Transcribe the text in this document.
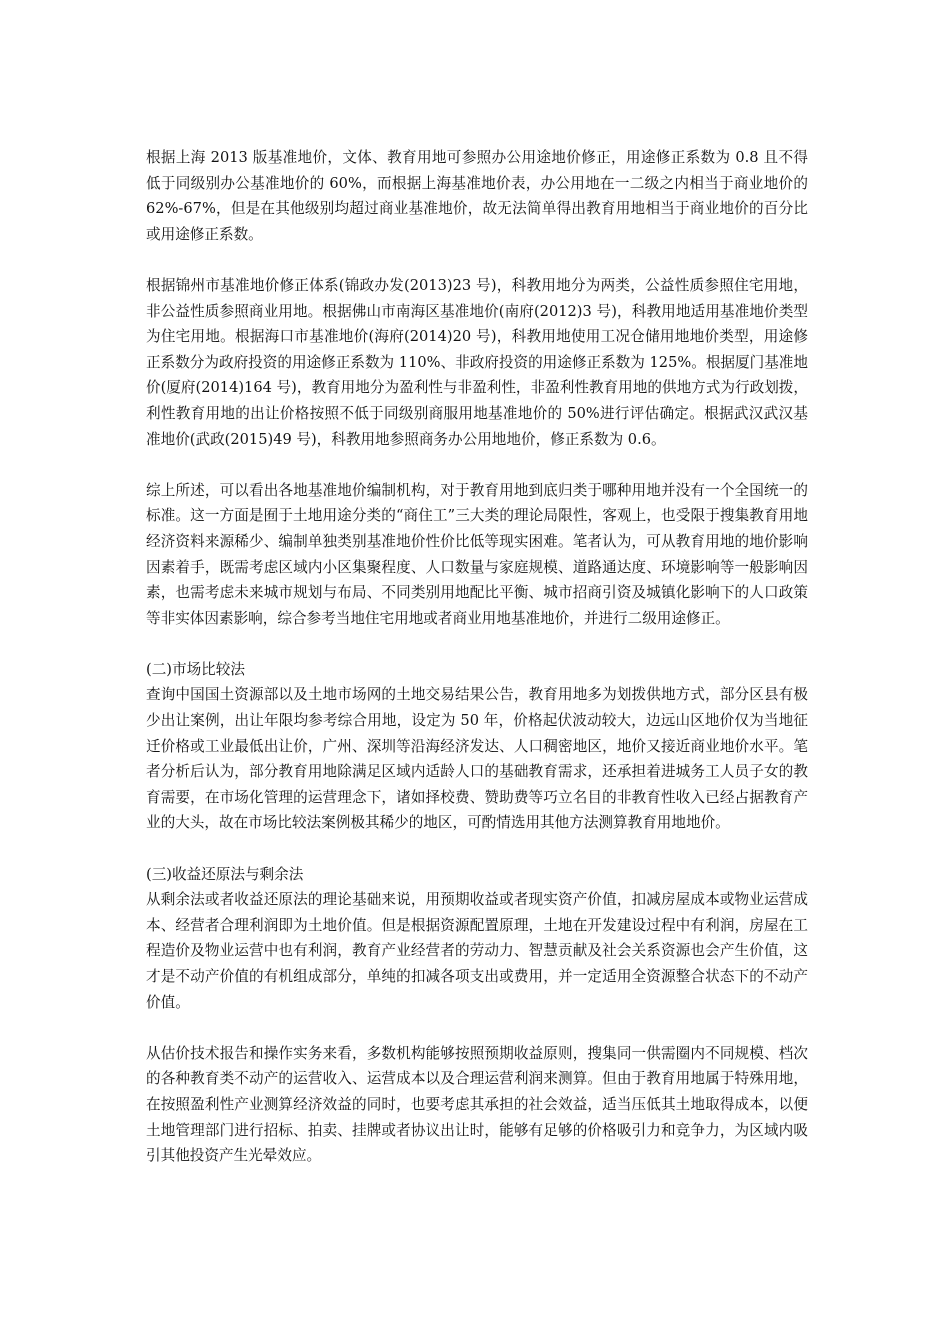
根据上海 2013 版基准地价，文体、教育用地可参照办公用途地价修正，用途修正系数为 0.8 且不得低于同级别办公基准地价的 60%，而根据上海基准地价表，办公用地在一二级之内相当于商业地价的 62%-67%，但是在其他级别均超过商业基准地价，故无法简单得出教育用地相当于商业地价的百分比或用途修正系数。

根据锦州市基准地价修正体系(锦政办发(2013)23 号)，科教用地分为两类，公益性质参照住宅用地，非公益性质参照商业用地。根据佛山市南海区基准地价(南府(2012)3 号)，科教用地适用基准地价类型为住宅用地。根据海口市基准地价(海府(2014)20 号)，科教用地使用工况仓储用地地价类型，用途修正系数分为政府投资的用途修正系数为 110%、非政府投资的用途修正系数为 125%。根据厦门基准地价(厦府(2014)164 号)，教育用地分为盈利性与非盈利性，非盈利性教育用地的供地方式为行政划拨，利性教育用地的出让价格按照不低于同级别商服用地基准地价的 50%进行评估确定。根据武汉武汉基准地价(武政(2015)49 号)，科教用地参照商务办公用地地价，修正系数为 0.6。

综上所述，可以看出各地基准地价编制机构，对于教育用地到底归类于哪种用地并没有一个全国统一的标准。这一方面是囿于土地用途分类的“商住工”三大类的理论局限性，客观上，也受限于搜集教育用地经济资料来源稀少、编制单独类别基准地价性价比低等现实困难。笔者认为，可从教育用地的地价影响因素着手，既需考虑区域内小区集聚程度、人口数量与家庭规模、道路通达度、环境影响等一般影响因素，也需考虑未来城市规划与布局、不同类别用地配比平衡、城市招商引资及城镇化影响下的人口政策等非实体因素影响，综合参考当地住宅用地或者商业用地基准地价，并进行二级用途修正。

(二)市场比较法

查询中国国土资源部以及土地市场网的土地交易结果公告，教育用地多为划拨供地方式，部分区县有极少出让案例，出让年限均参考综合用地，设定为 50 年，价格起伏波动较大，边远山区地价仅为当地征迁价格或工业最低出让价，广州、深圳等沿海经济发达、人口稠密地区，地价又接近商业地价水平。笔者分析后认为，部分教育用地除满足区域内适龄人口的基础教育需求，还承担着进城务工人员子女的教育需要，在市场化管理的运营理念下，诸如择校费、赞助费等巧立名目的非教育性收入已经占据教育产业的大头，故在市场比较法案例极其稀少的地区，可酌情选用其他方法测算教育用地地价。

(三)收益还原法与剩余法

从剩余法或者收益还原法的理论基础来说，用预期收益或者现实资产价值，扣减房屋成本或物业运营成本、经营者合理利润即为土地价值。但是根据资源配置原理，土地在开发建设过程中有利润，房屋在工程造价及物业运营中也有利润，教育产业经营者的劳动力、智慧贡献及社会关系资源也会产生价值，这才是不动产价值的有机组成部分，单纯的扣减各项支出或费用，并一定适用全资源整合状态下的不动产价值。

从估价技术报告和操作实务来看，多数机构能够按照预期收益原则，搜集同一供需圈内不同规模、档次的各种教育类不动产的运营收入、运营成本以及合理运营利润来测算。但由于教育用地属于特殊用地，在按照盈利性产业测算经济效益的同时，也要考虑其承担的社会效益，适当压低其土地取得成本，以便土地管理部门进行招标、拍卖、挂牌或者协议出让时，能够有足够的价格吸引力和竞争力，为区域内吸引其他投资产生光晕效应。
